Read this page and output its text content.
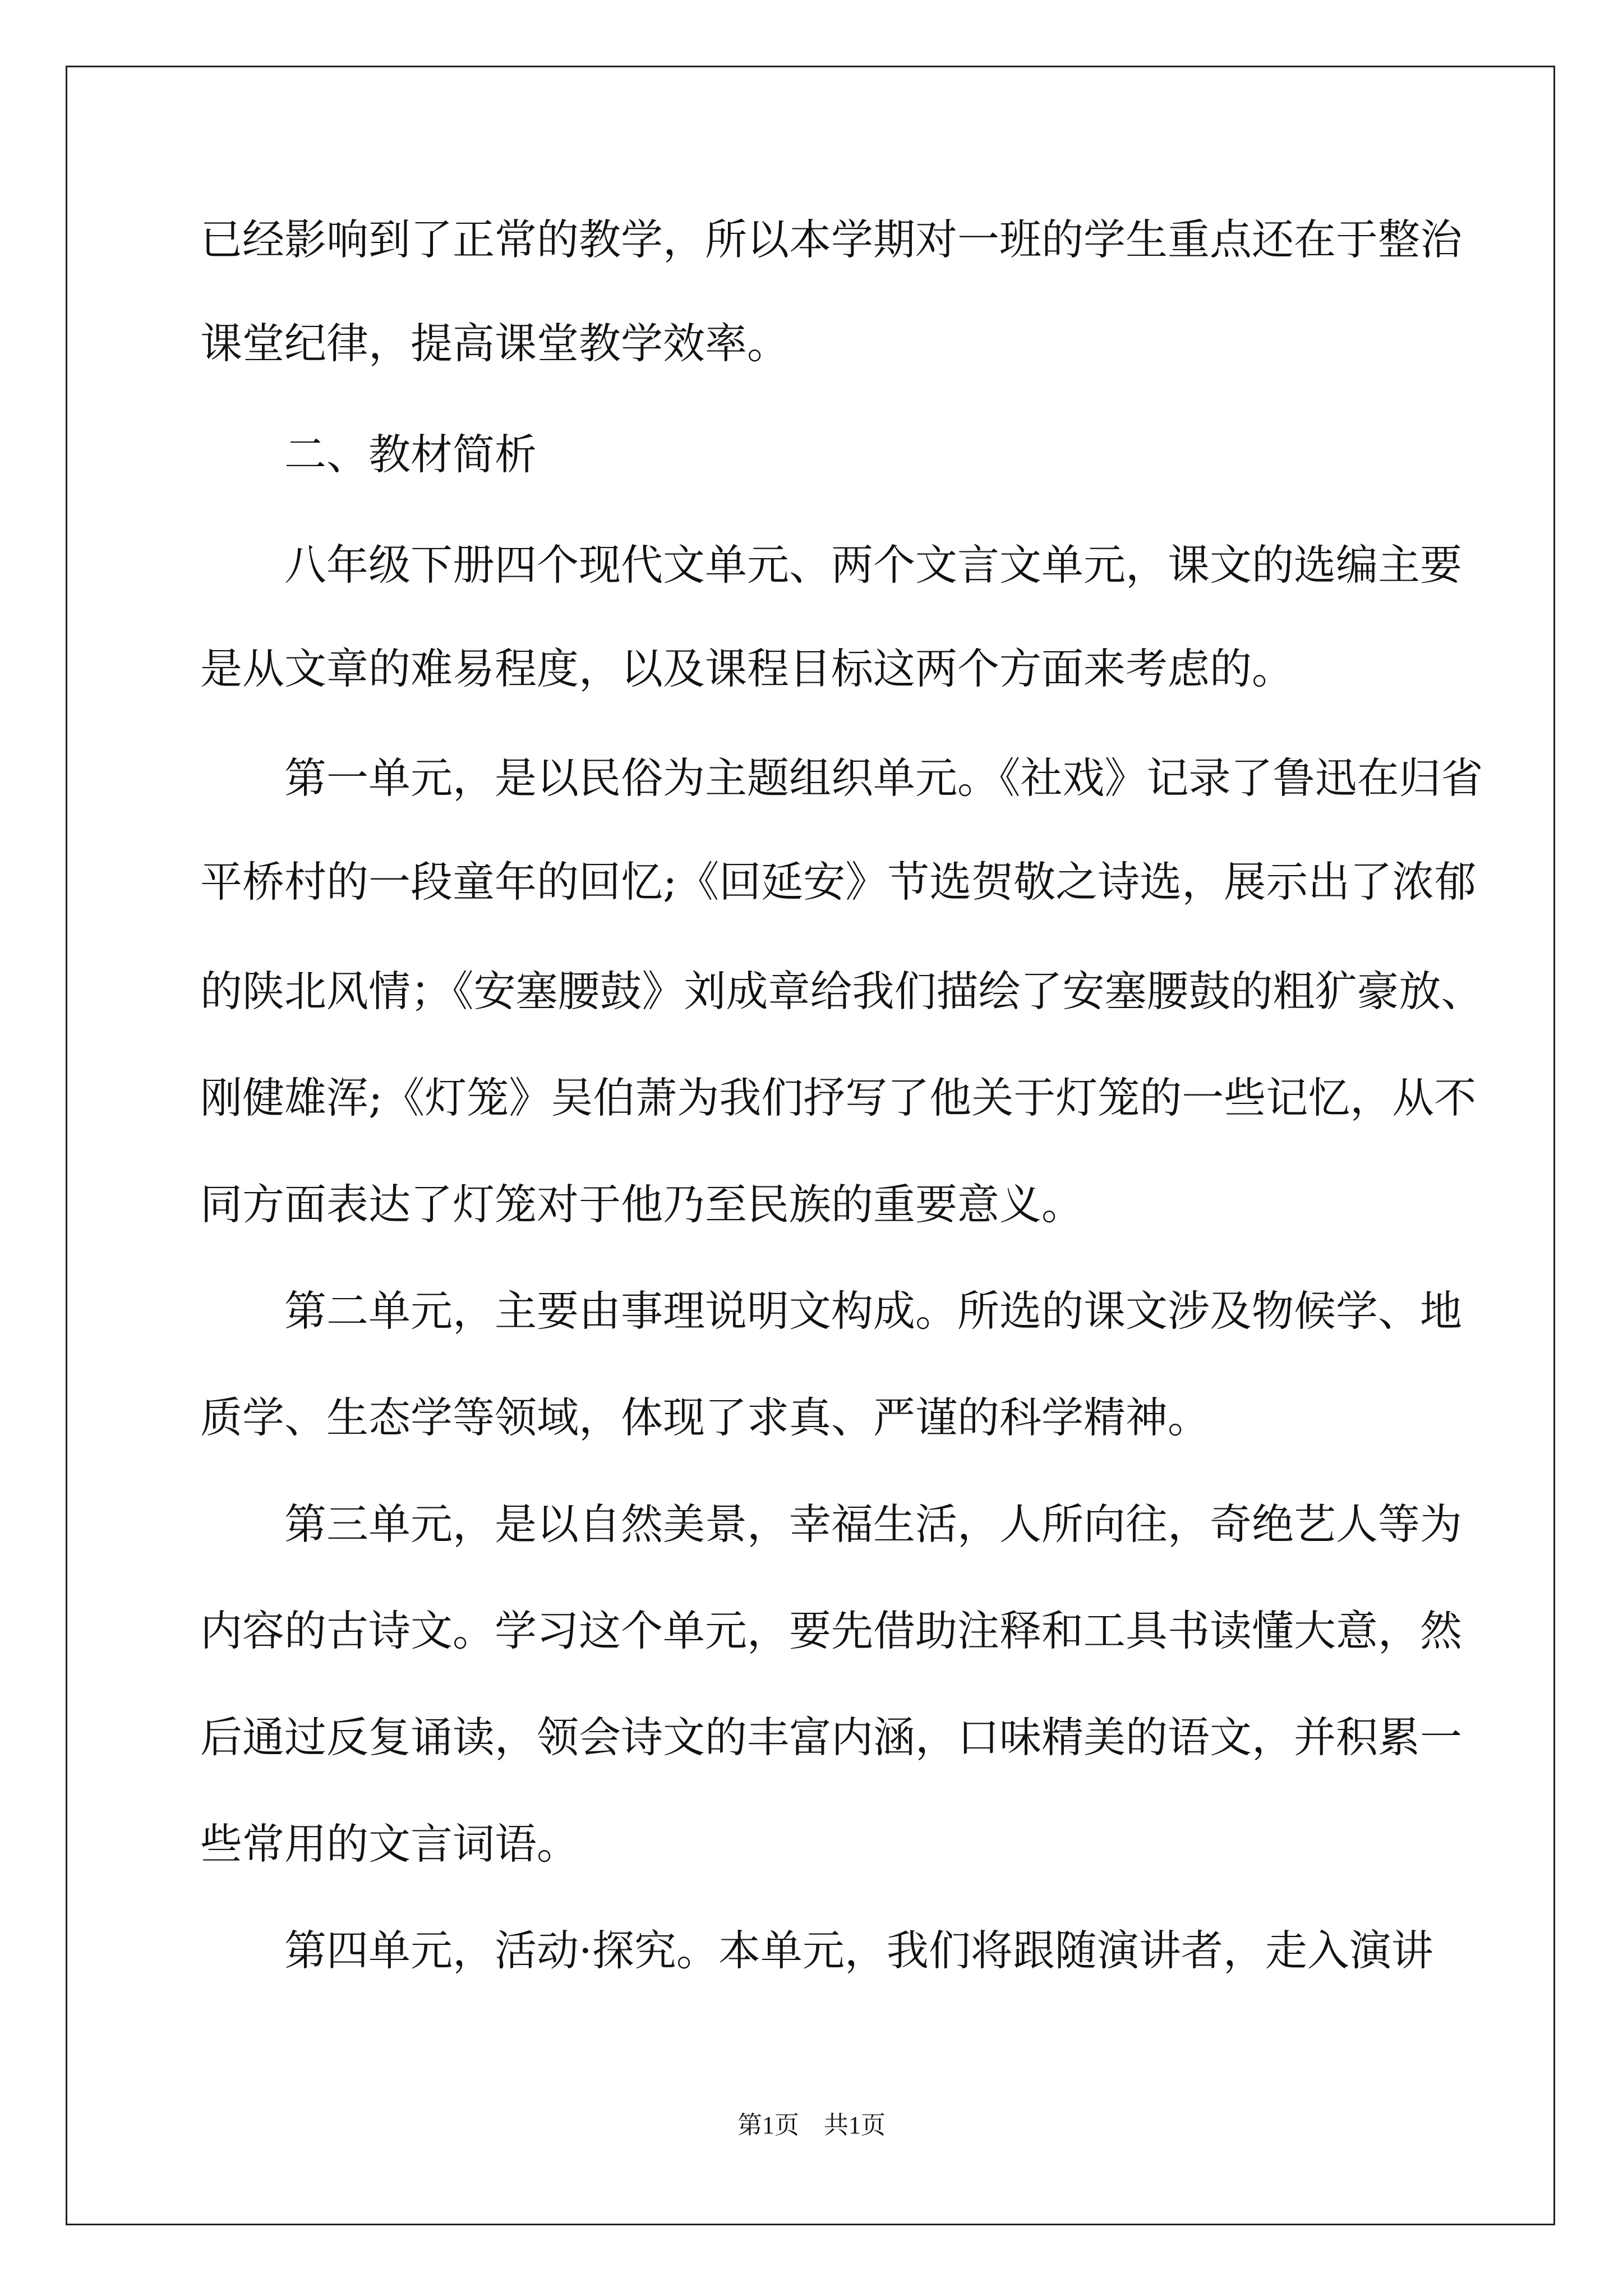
已经影响到了正常的教学，所以本学期对一班的学生重点还在于整治

课堂纪律，提高课堂教学效率。

　　二、教材简析

　　八年级下册四个现代文单元、两个文言文单元，课文的选编主要

是从文章的难易程度，以及课程目标这两个方面来考虑的。

　　第一单元，是以民俗为主题组织单元。《社戏》记录了鲁迅在归省

平桥村的一段童年的回忆;《回延安》节选贺敬之诗选，展示出了浓郁

的陕北风情；《安塞腰鼓》刘成章给我们描绘了安塞腰鼓的粗犷豪放、

刚健雄浑;《灯笼》吴伯萧为我们抒写了他关于灯笼的一些记忆，从不

同方面表达了灯笼对于他乃至民族的重要意义。

　　第二单元，主要由事理说明文构成。所选的课文涉及物候学、地

质学、生态学等领域，体现了求真、严谨的科学精神。

　　第三单元，是以自然美景，幸福生活，人所向往，奇绝艺人等为

内容的古诗文。学习这个单元，要先借助注释和工具书读懂大意，然

后通过反复诵读，领会诗文的丰富内涵，口味精美的语文，并积累一

些常用的文言词语。

　　第四单元，活动·探究。本单元，我们将跟随演讲者，走入演讲

第1页　共1页
